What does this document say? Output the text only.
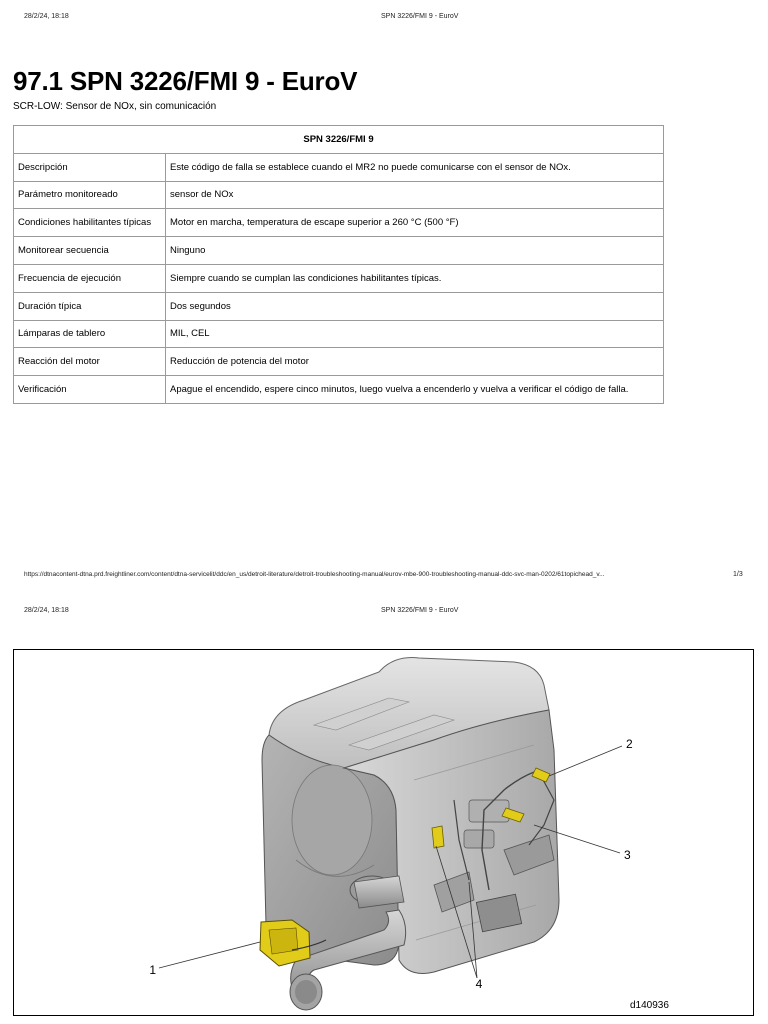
28/2/24, 18:18	SPN 3226/FMI 9 - EuroV
97.1 SPN 3226/FMI 9 - EuroV
SCR-LOW: Sensor de NOx, sin comunicación
SPN 3226/FMI 9	
Descripción	Este código de falla se establece cuando el MR2 no puede comunicarse con el sensor de NOx.
Parámetro monitoreado	sensor de NOx
Condiciones habilitantes típicas	Motor en marcha, temperatura de escape superior a 260 °C (500 °F)
Monitorear secuencia	Ninguno
Frecuencia de ejecución	Siempre cuando se cumplan las condiciones habilitantes típicas.
Duración típica	Dos segundos
Lámparas de tablero	MIL, CEL
Reacción del motor	Reducción de potencia del motor
Verificación	Apague el encendido, espere cinco minutos, luego vuelva a encenderlo y vuelva a verificar el código de falla.
https://dtnacontent-dtna.prd.freightliner.com/content/dtna-servicelit/ddc/en_us/detroit-literature/detroit-troubleshooting-manual/eurov-mbe-900-troubleshooting-manual-ddc-svc-man-0202/61topichead_v...	1/3
28/2/24, 18:18	SPN 3226/FMI 9 - EuroV
1
2
3
4
d140936
